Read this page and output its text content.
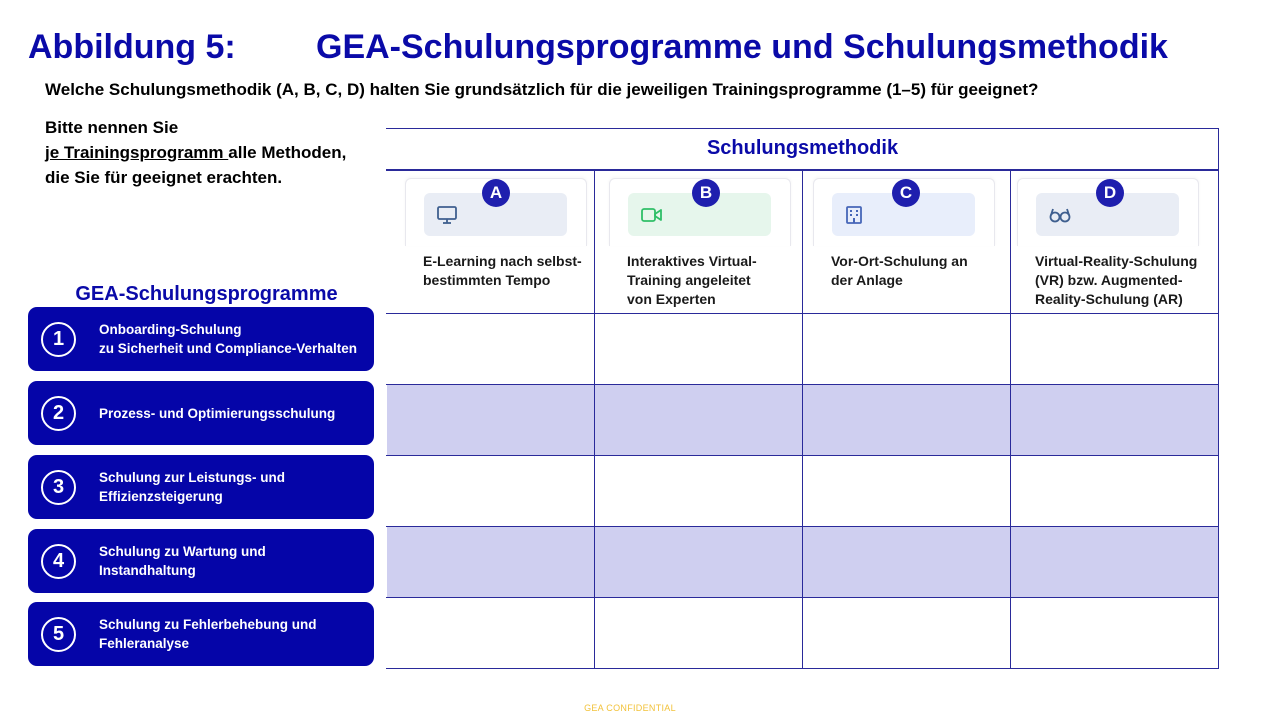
Abbildung 5: GEA-Schulungsprogramme und Schulungsmethodik
Welche Schulungsmethodik (A, B, C, D) halten Sie grundsätzlich für die jeweiligen Trainingsprogramme (1–5) für geeignet?
Bitte nennen Sie
je Trainingsprogramm alle Methoden,
die Sie für geeignet erachten.
GEA-Schulungsprogramme
1	Onboarding-Schulung
zu Sicherheit und Compliance-Verhalten
2	Prozess- und Optimierungsschulung
3	Schulung zur Leistungs- und Effizienzsteigerung
4	Schulung zu Wartung und Instandhaltung
5	Schulung zu Fehlerbehebung und Fehleranalyse
Schulungsmethodik
A
E-Learning nach selbst-
bestimmten Tempo
B
Interaktives Virtual-
Training angeleitet
von Experten
C
Vor-Ort-Schulung an
der Anlage
D
Virtual-Reality-Schulung
(VR) bzw. Augmented-
Reality-Schulung (AR)
GEA CONFIDENTIAL
